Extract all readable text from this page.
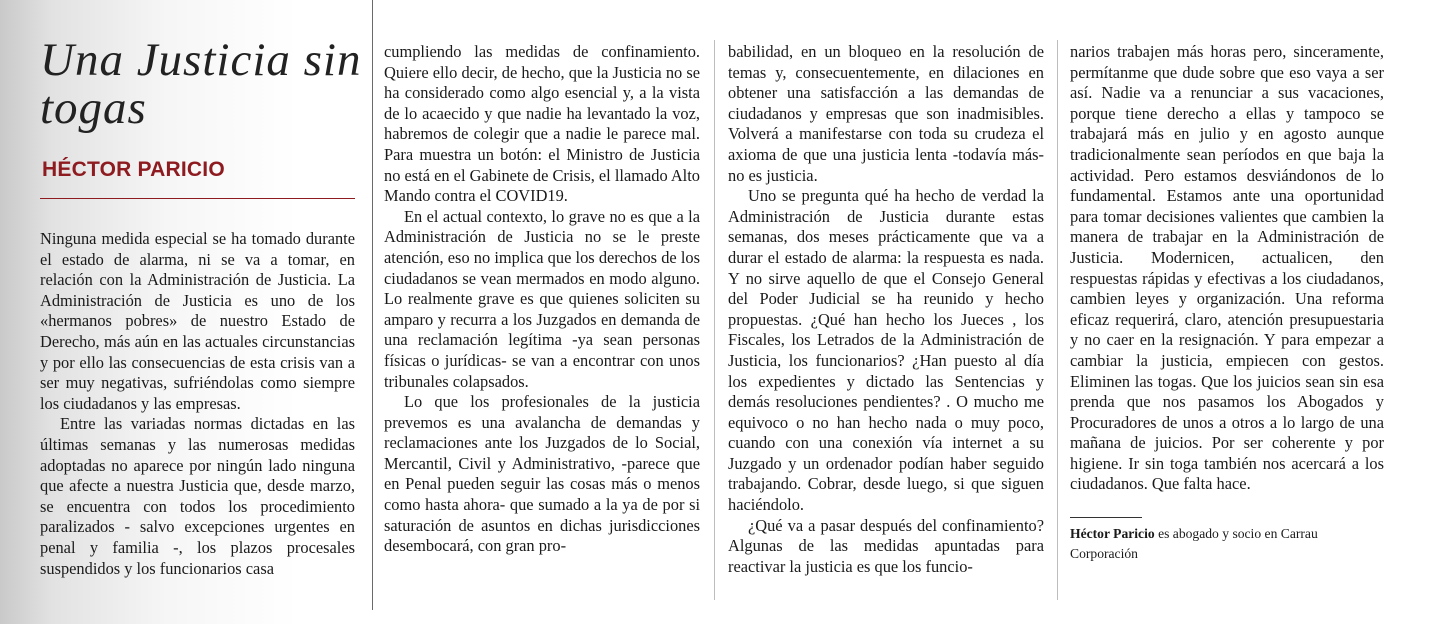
Una Justicia sin togas
HÉCTOR PARICIO

Ninguna medida especial se ha tomado durante el estado de alarma, ni se va a tomar, en relación con la Administración de Justicia. La Administración de Justicia es uno de los «hermanos pobres» de nuestro Estado de Derecho, más aún en las actuales circunstancias y por ello las consecuencias de esta crisis van a ser muy negativas, sufriéndolas como siempre los ciudadanos y las empresas.

Entre las variadas normas dictadas en las últimas semanas y las numerosas medidas adoptadas no aparece por ningún lado ninguna que afecte a nuestra Justicia que, desde marzo, se encuentra con todos los procedimiento paralizados - salvo excepciones urgentes en penal y familia -, los plazos procesales suspendidos y los funcionarios casa

cumpliendo las medidas de confinamiento. Quiere ello decir, de hecho, que la Justicia no se ha considerado como algo esencial y, a la vista de lo acaecido y que nadie ha levantado la voz, habremos de colegir que a nadie le parece mal. Para muestra un botón: el Ministro de Justicia no está en el Gabinete de Crisis, el llamado Alto Mando contra el COVID19.

En el actual contexto, lo grave no es que a la Administración de Justicia no se le preste atención, eso no implica que los derechos de los ciudadanos se vean mermados en modo alguno. Lo realmente grave es que quienes soliciten su amparo y recurra a los Juzgados en demanda de una reclamación legítima -ya sean personas físicas o jurídicas- se van a encontrar con unos tribunales colapsados.

Lo que los profesionales de la justicia prevemos es una avalancha de demandas y reclamaciones ante los Juzgados de lo Social, Mercantil, Civil y Administrativo, -parece que en Penal pueden seguir las cosas más o menos como hasta ahora- que sumado a la ya de por si saturación de asuntos en dichas jurisdicciones desembocará, con gran pro-

babilidad, en un bloqueo en la resolución de temas y, consecuentemente, en dilaciones en obtener una satisfacción a las demandas de ciudadanos y empresas que son inadmisibles. Volverá a manifestarse con toda su crudeza el axioma de que una justicia lenta -todavía más- no es justicia.

Uno se pregunta qué ha hecho de verdad la Administración de Justicia durante estas semanas, dos meses prácticamente que va a durar el estado de alarma: la respuesta es nada. Y no sirve aquello de que el Consejo General del Poder Judicial se ha reunido y hecho propuestas. ¿Qué han hecho los Jueces , los Fiscales, los Letrados de la Administración de Justicia, los funcionarios? ¿Han puesto al día los expedientes y dictado las Sentencias y demás resoluciones pendientes? . O mucho me equivoco o no han hecho nada o muy poco, cuando con una conexión vía internet a su Juzgado y un ordenador podían haber seguido trabajando. Cobrar, desde luego, si que siguen haciéndolo.

¿Qué va a pasar después del confinamiento? Algunas de las medidas apuntadas para reactivar la justicia es que los funcio-

narios trabajen más horas pero, sinceramente, permítanme que dude sobre que eso vaya a ser así. Nadie va a renunciar a sus vacaciones, porque tiene derecho a ellas y tampoco se trabajará más en julio y en agosto aunque tradicionalmente sean períodos en que baja la actividad. Pero estamos desviándonos de lo fundamental. Estamos ante una oportunidad para tomar decisiones valientes que cambien la manera de trabajar en la Administración de Justicia. Modernicen, actualicen, den respuestas rápidas y efectivas a los ciudadanos, cambien leyes y organización. Una reforma eficaz requerirá, claro, atención presupuestaria y no caer en la resignación. Y para empezar a cambiar la justicia, empiecen con gestos. Eliminen las togas. Que los juicios sean sin esa prenda que nos pasamos los Abogados y Procuradores de unos a otros a lo largo de una mañana de juicios. Por ser coherente y por higiene. Ir sin toga también nos acercará a los ciudadanos. Que falta hace.

Héctor Paricio es abogado y socio en Carrau Corporación
